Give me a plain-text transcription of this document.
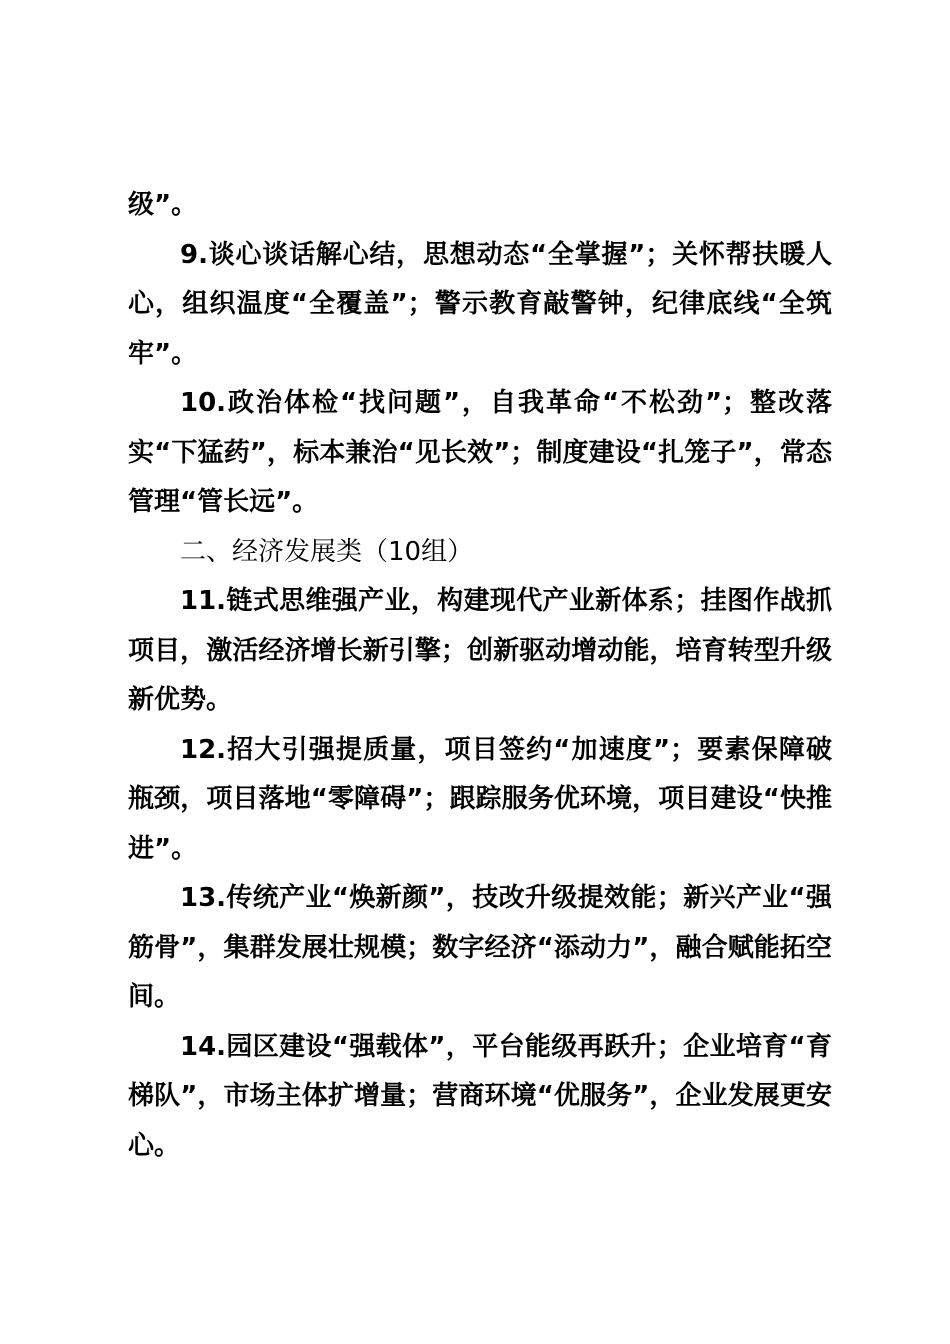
级”。

9.谈心谈话解心结，思想动态“全掌握”；关怀帮扶暖人心，组织温度“全覆盖”；警示教育敲警钟，纪律底线“全筑牢”。

10.政治体检“找问题”，自我革命“不松劲”；整改落实“下猛药”，标本兼治“见长效”；制度建设“扎笼子”，常态管理“管长远”。

二、经济发展类（10组）

11.链式思维强产业，构建现代产业新体系；挂图作战抓项目，激活经济增长新引擎；创新驱动增动能，培育转型升级新优势。

12.招大引强提质量，项目签约“加速度”；要素保障破瓶颈，项目落地“零障碍”；跟踪服务优环境，项目建设“快推进”。

13.传统产业“焕新颜”，技改升级提效能；新兴产业“强筋骨”，集群发展壮规模；数字经济“添动力”，融合赋能拓空间。

14.园区建设“强载体”，平台能级再跃升；企业培育“育梯队”，市场主体扩增量；营商环境“优服务”，企业发展更安心。
